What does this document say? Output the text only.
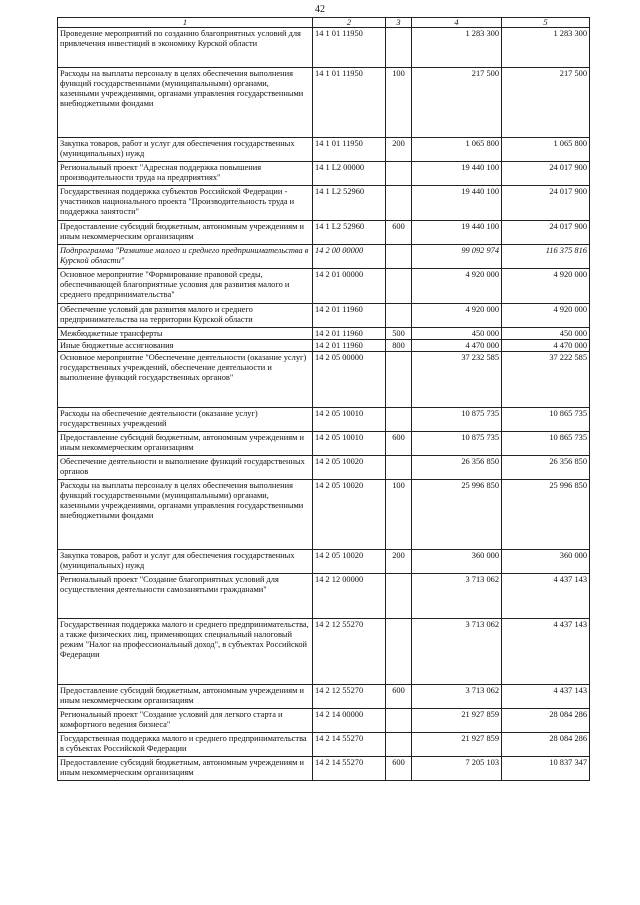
42
1	2	3	4	5
Проведение мероприятий по созданию благоприятных условий для привлечения инвестиций в экономику Курской области	14 1 01 11950		1 283 300	1 283 300
Расходы на выплаты персоналу в целях обеспечения выполнения функций государственными (муниципальными) органами, казенными учреждениями, органами управления государственными внебюджетными фондами	14 1 01 11950	100	217 500	217 500
Закупка товаров, работ и услуг для обеспечения государственных (муниципальных) нужд	14 1 01 11950	200	1 065 800	1 065 800
Региональный проект "Адресная поддержка повышения производительности труда на предприятиях"	14 1 L2 00000		19 440 100	24 017 900
Государственная поддержка субъектов Российской Федерации - участников национального проекта "Производительность труда и поддержка занятости"	14 1 L2 52960		19 440 100	24 017 900
Предоставление субсидий бюджетным, автономным учреждениям и иным некоммерческим организациям	14 1 L2 52960	600	19 440 100	24 017 900
Подпрограмма "Развитие малого и среднего предпринимательства в Курской области"	14 2 00 00000		99 092 974	116 375 816
Основное мероприятие "Формирование правовой среды, обеспечивающей благоприятные условия для развития малого и среднего предпринимательства"	14 2 01 00000		4 920 000	4 920 000
Обеспечение условий для развития малого и среднего предпринимательства на территории Курской области	14 2 01 11960		4 920 000	4 920 000
Межбюджетные трансферты	14 2 01 11960	500	450 000	450 000
Иные бюджетные ассигнования	14 2 01 11960	800	4 470 000	4 470 000
Основное мероприятие "Обеспечение деятельности (оказание услуг) государственных учреждений, обеспечение деятельности и выполнение функций государственных органов"	14 2 05 00000		37 232 585	37 222 585
Расходы на обеспечение деятельности (оказание услуг) государственных учреждений	14 2 05 10010		10 875 735	10 865 735
Предоставление субсидий бюджетным, автономным учреждениям и иным некоммерческим организациям	14 2 05 10010	600	10 875 735	10 865 735
Обеспечение деятельности и выполнение функций государственных органов	14 2 05 10020		26 356 850	26 356 850
Расходы на выплаты персоналу в целях обеспечения выполнения функций государственными (муниципальными) органами, казенными учреждениями, органами управления государственными внебюджетными фондами	14 2 05 10020	100	25 996 850	25 996 850
Закупка товаров, работ и услуг для обеспечения государственных (муниципальных) нужд	14 2 05 10020	200	360 000	360 000
Региональный проект "Создание благоприятных условий для осуществления деятельности самозанятыми гражданами"	14 2 12 00000		3 713 062	4 437 143
Государственная поддержка малого и среднего предпринимательства, а также физических лиц, применяющих специальный налоговый режим "Налог на профессиональный доход", в субъектах Российской Федерации	14 2 12 55270		3 713 062	4 437 143
Предоставление субсидий бюджетным, автономным учреждениям и иным некоммерческим организациям	14 2 12 55270	600	3 713 062	4 437 143
Региональный проект "Создание условий для легкого старта и комфортного ведения бизнеса"	14 2 14 00000		21 927 859	28 084 286
Государственная поддержка малого и среднего предпринимательства в субъектах Российской Федерации	14 2 14 55270		21 927 859	28 084 286
Предоставление субсидий бюджетным, автономным учреждениям и иным некоммерческим организациям	14 2 14 55270	600	7 205 103	10 837 347
